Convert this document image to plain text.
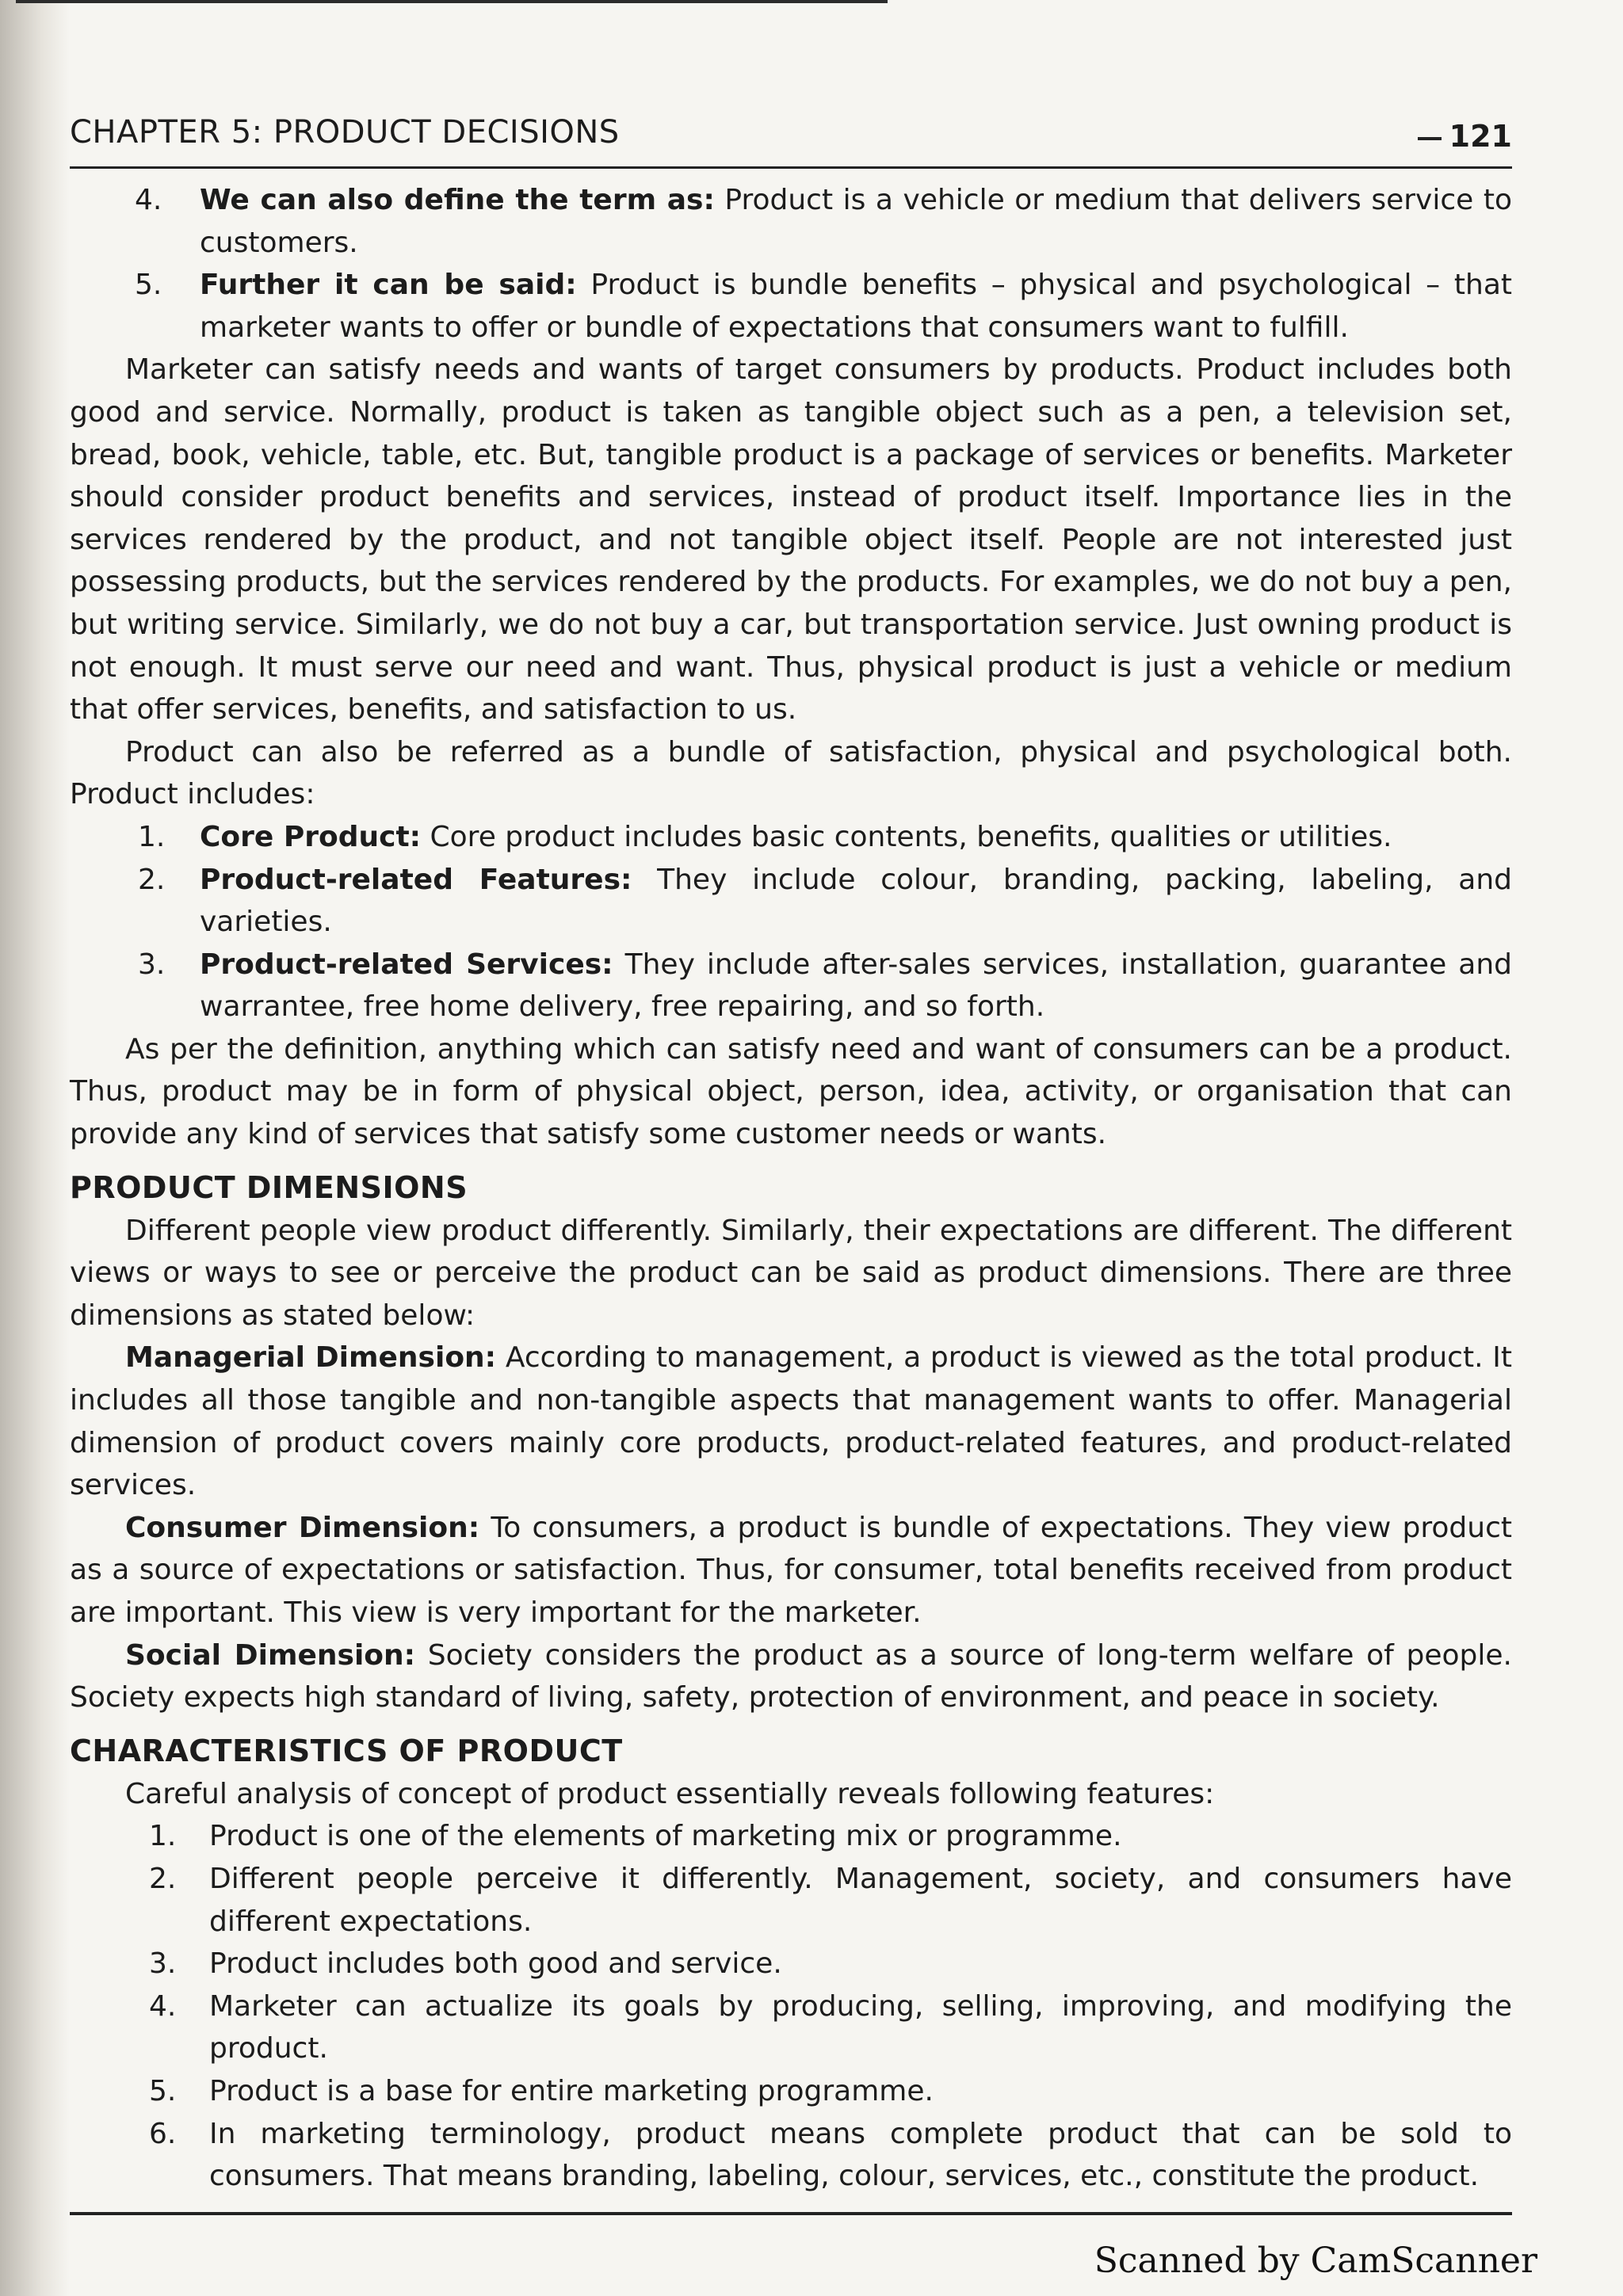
CHAPTER 5: PRODUCT DECISIONS	121
4. We can also define the term as: Product is a vehicle or medium that delivers service to customers.
5. Further it can be said: Product is bundle benefits – physical and psychological – that marketer wants to offer or bundle of expectations that consumers want to fulfill.

Marketer can satisfy needs and wants of target consumers by products. Product includes both good and service. Normally, product is taken as tangible object such as a pen, a television set, bread, book, vehicle, table, etc. But, tangible product is a package of services or benefits. Marketer should consider product benefits and services, instead of product itself. Importance lies in the services rendered by the product, and not tangible object itself. People are not interested just possessing products, but the services rendered by the products. For examples, we do not buy a pen, but writing service. Similarly, we do not buy a car, but transportation service. Just owning product is not enough. It must serve our need and want. Thus, physical product is just a vehicle or medium that offer services, benefits, and satisfaction to us.

Product can also be referred as a bundle of satisfaction, physical and psychological both. Product includes:

1. Core Product: Core product includes basic contents, benefits, qualities or utilities.
2. Product-related Features: They include colour, branding, packing, labeling, and varieties.
3. Product-related Services: They include after-sales services, installation, guarantee and warrantee, free home delivery, free repairing, and so forth.

As per the definition, anything which can satisfy need and want of consumers can be a product. Thus, product may be in form of physical object, person, idea, activity, or organisation that can provide any kind of services that satisfy some customer needs or wants.

PRODUCT DIMENSIONS

Different people view product differently. Similarly, their expectations are different. The different views or ways to see or perceive the product can be said as product dimensions. There are three dimensions as stated below:

Managerial Dimension: According to management, a product is viewed as the total product. It includes all those tangible and non-tangible aspects that management wants to offer. Managerial dimension of product covers mainly core products, product-related features, and product-related services.

Consumer Dimension: To consumers, a product is bundle of expectations. They view product as a source of expectations or satisfaction. Thus, for consumer, total benefits received from product are important. This view is very important for the marketer.

Social Dimension: Society considers the product as a source of long-term welfare of people. Society expects high standard of living, safety, protection of environment, and peace in society.

CHARACTERISTICS OF PRODUCT

Careful analysis of concept of product essentially reveals following features:

1. Product is one of the elements of marketing mix or programme.
2. Different people perceive it differently. Management, society, and consumers have different expectations.
3. Product includes both good and service.
4. Marketer can actualize its goals by producing, selling, improving, and modifying the product.
5. Product is a base for entire marketing programme.
6. In marketing terminology, product means complete product that can be sold to consumers. That means branding, labeling, colour, services, etc., constitute the product.
Scanned by CamScanner
